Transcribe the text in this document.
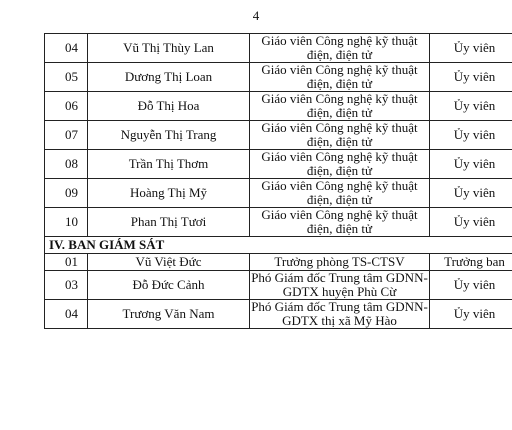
4
04	Vũ Thị Thùy Lan	Giáo viên Công nghệ kỹ thuật điện, điện tử	Ủy viên
05	Dương Thị Loan	Giáo viên Công nghệ kỹ thuật điện, điện tử	Ủy viên
06	Đỗ Thị Hoa	Giáo viên Công nghệ kỹ thuật điện, điện tử	Ủy viên
07	Nguyễn Thị Trang	Giáo viên Công nghệ kỹ thuật điện, điện tử	Ủy viên
08	Trần Thị Thơm	Giáo viên Công nghệ kỹ thuật điện, điện tử	Ủy viên
09	Hoàng Thị Mỹ	Giáo viên Công nghệ kỹ thuật điện, điện tử	Ủy viên
10	Phan Thị Tươi	Giáo viên Công nghệ kỹ thuật điện, điện tử	Ủy viên
IV. BAN GIÁM SÁT			
01	Vũ Việt Đức	Trưởng phòng TS-CTSV	Trưởng ban
03	Đỗ Đức Cảnh	Phó Giám đốc Trung tâm GDNN-GDTX huyện Phù Cừ	Ủy viên
04	Trương Văn Nam	Phó Giám đốc Trung tâm GDNN-GDTX thị xã Mỹ Hào	Ủy viên
